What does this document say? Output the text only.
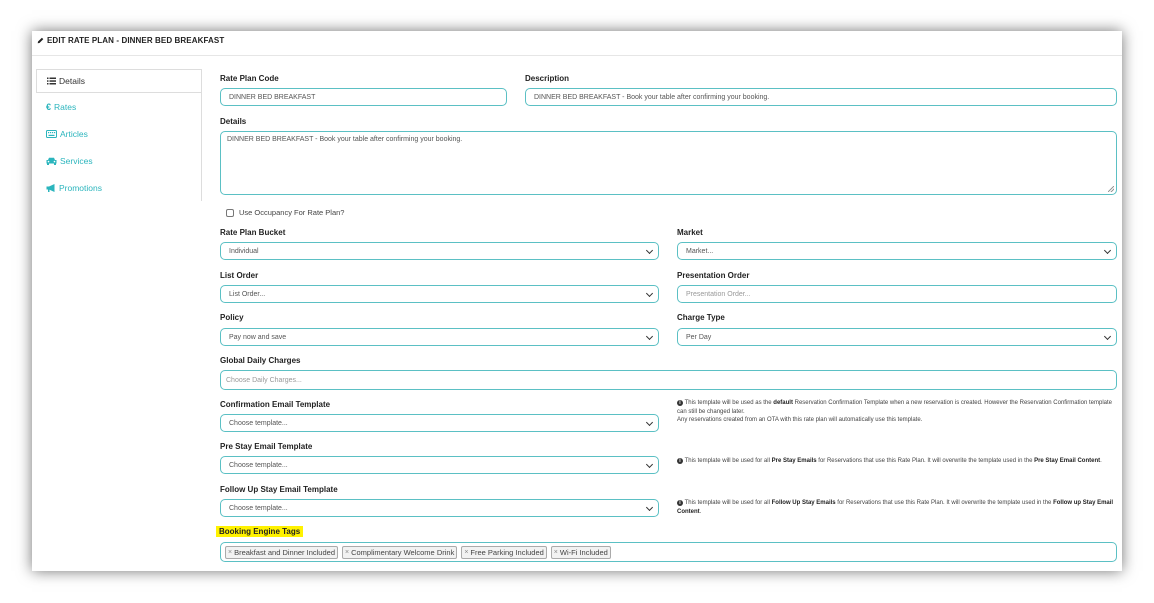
EDIT RATE PLAN - DINNER BED BREAKFAST
Details
€ Rates
Articles
Services
Promotions
Rate Plan Code
DINNER BED BREAKFAST
Description
DINNER BED BREAKFAST - Book your table after confirming your booking.
Details
DINNER BED BREAKFAST - Book your table after confirming your booking.
Use Occupancy For Rate Plan?
Rate Plan Bucket
Individual
Market
Market...
List Order
List Order...
Presentation Order
Presentation Order...
Policy
Pay now and save
Charge Type
Per Day
Global Daily Charges
Choose Daily Charges...
Confirmation Email Template
Choose template...
i This template will be used as the default Reservation Confirmation Template when a new reservation is created. However the Reservation Confirmation template can still be changed later.
Any reservations created from an OTA with this rate plan will automatically use this template.
Pre Stay Email Template
Choose template...
i This template will be used for all Pre Stay Emails for Reservations that use this Rate Plan. It will overwrite the template used in the Pre Stay Email Content.
Follow Up Stay Email Template
Choose template...
i This template will be used for all Follow Up Stay Emails for Reservations that use this Rate Plan. It will overwrite the template used in the Follow up Stay Email Content.
Booking Engine Tags
× Breakfast and Dinner Included × Complimentary Welcome Drink × Free Parking Included × Wi-Fi Included
